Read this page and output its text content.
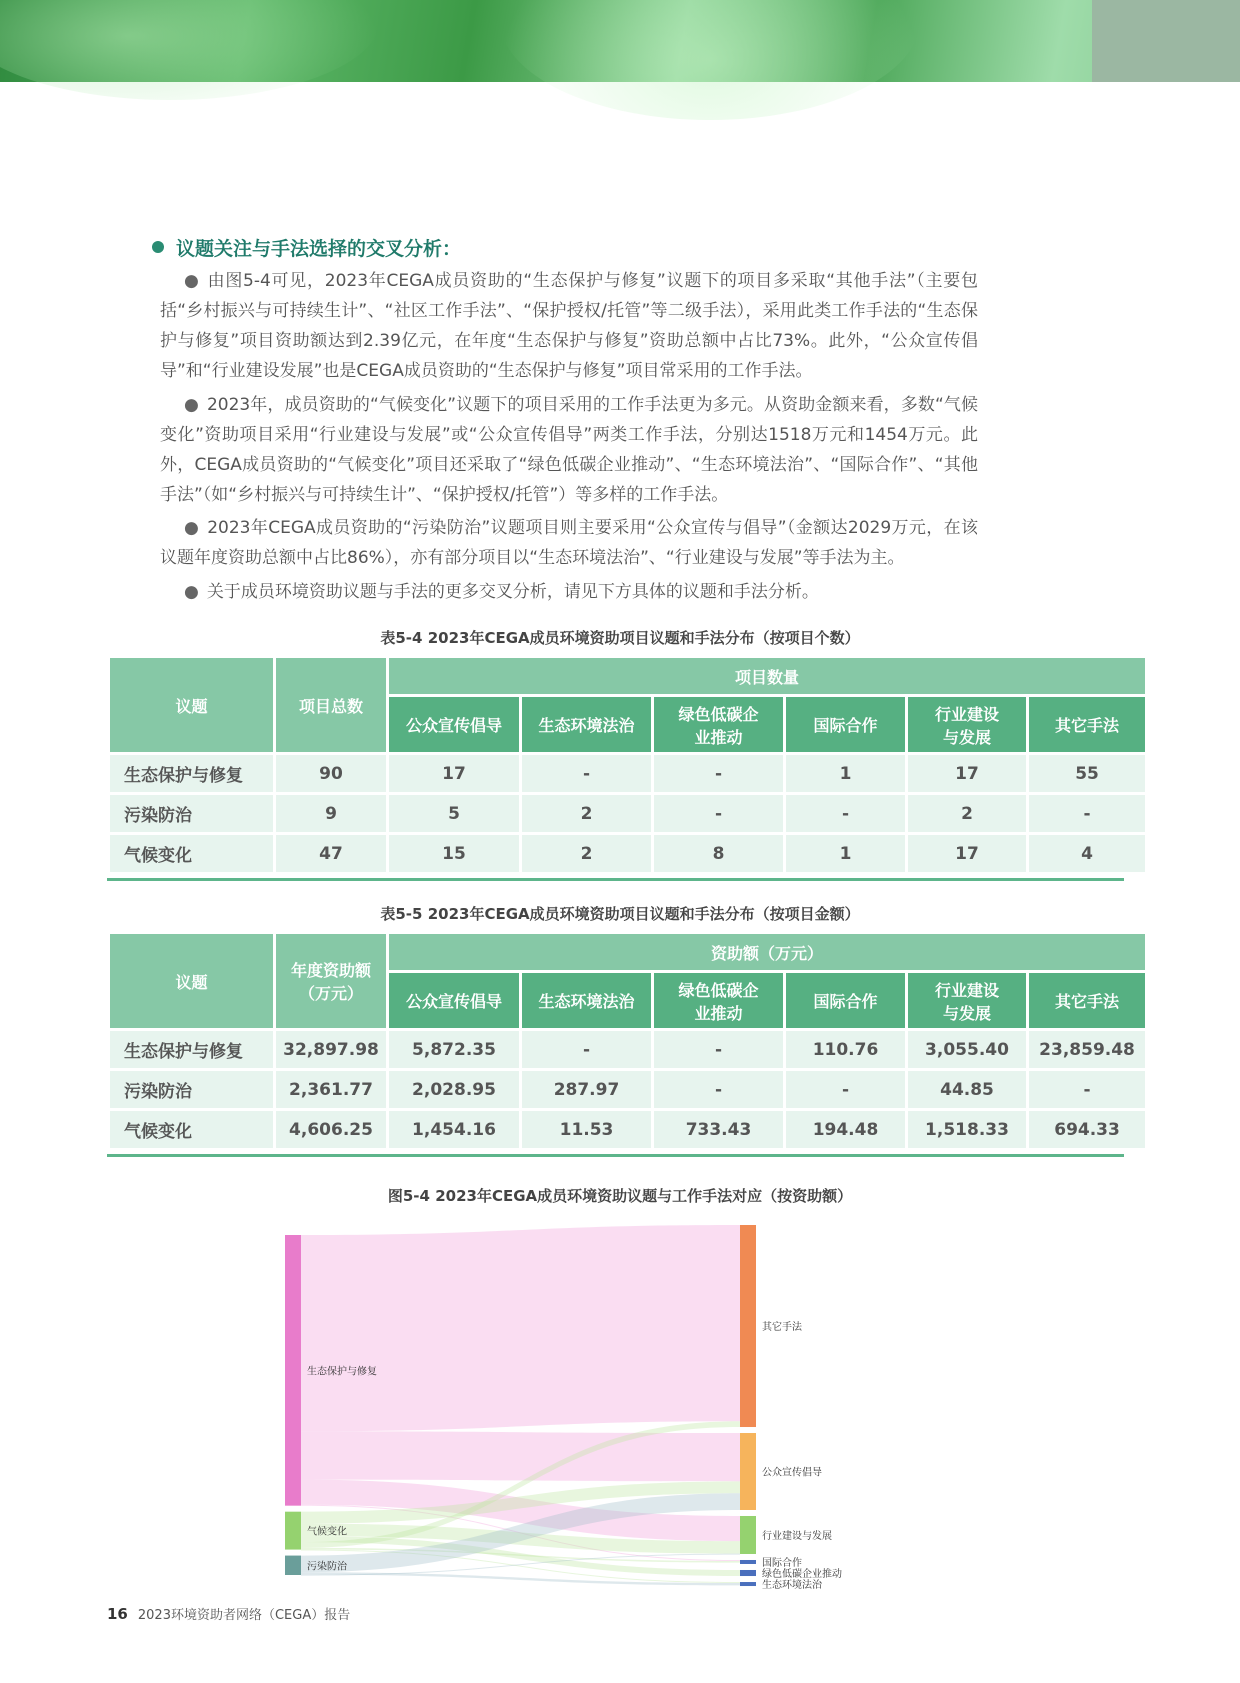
议题关注与手法选择的交叉分析：
● 由图5-4可见，2023年CEGA成员资助的“生态保护与修复”议题下的项目多采取“其他手法”（主要包括“乡村振兴与可持续生计”、“社区工作手法”、“保护授权/托管”等二级手法），采用此类工作手法的“生态保护与修复”项目资助额达到2.39亿元，在年度“生态保护与修复”资助总额中占比73%。此外，“公众宣传倡导”和“行业建设发展”也是CEGA成员资助的“生态保护与修复”项目常采用的工作手法。
● 2023年，成员资助的“气候变化”议题下的项目采用的工作手法更为多元。从资助金额来看，多数“气候变化”资助项目采用“行业建设与发展”或“公众宣传倡导”两类工作手法，分别达1518万元和1454万元。此外，CEGA成员资助的“气候变化”项目还采取了“绿色低碳企业推动”、“生态环境法治”、“国际合作”、“其他手法”（如“乡村振兴与可持续生计”、“保护授权/托管”）等多样的工作手法。
● 2023年CEGA成员资助的“污染防治”议题项目则主要采用“公众宣传与倡导”（金额达2029万元，在该议题年度资助总额中占比86%），亦有部分项目以“生态环境法治”、“行业建设与发展”等手法为主。
● 关于成员环境资助议题与手法的更多交叉分析，请见下方具体的议题和手法分析。
表5-4 2023年CEGA成员环境资助项目议题和手法分布（按项目个数）
议题	项目总数	项目数量					
		公众宣传倡导	生态环境法治	绿色低碳企业推动	国际合作	行业建设与发展	其它手法
生态保护与修复	90	17	-	-	1	17	55
污染防治	9	5	2	-	-	2	-
气候变化	47	15	2	8	1	17	4
表5-5 2023年CEGA成员环境资助项目议题和手法分布（按项目金额）
议题	年度资助额（万元）	资助额（万元）					
		公众宣传倡导	生态环境法治	绿色低碳企业推动	国际合作	行业建设与发展	其它手法
生态保护与修复	32,897.98	5,872.35	-	-	110.76	3,055.40	23,859.48
污染防治	2,361.77	2,028.95	287.97	-	-	44.85	-
气候变化	4,606.25	1,454.16	11.53	733.43	194.48	1,518.33	694.33
图5-4 2023年CEGA成员环境资助议题与工作手法对应（按资助额）
生态保护与修复
气候变化
污染防治
其它手法
公众宣传倡导
行业建设与发展
国际合作
绿色低碳企业推动
生态环境法治
16 2023环境资助者网络（CEGA）报告
